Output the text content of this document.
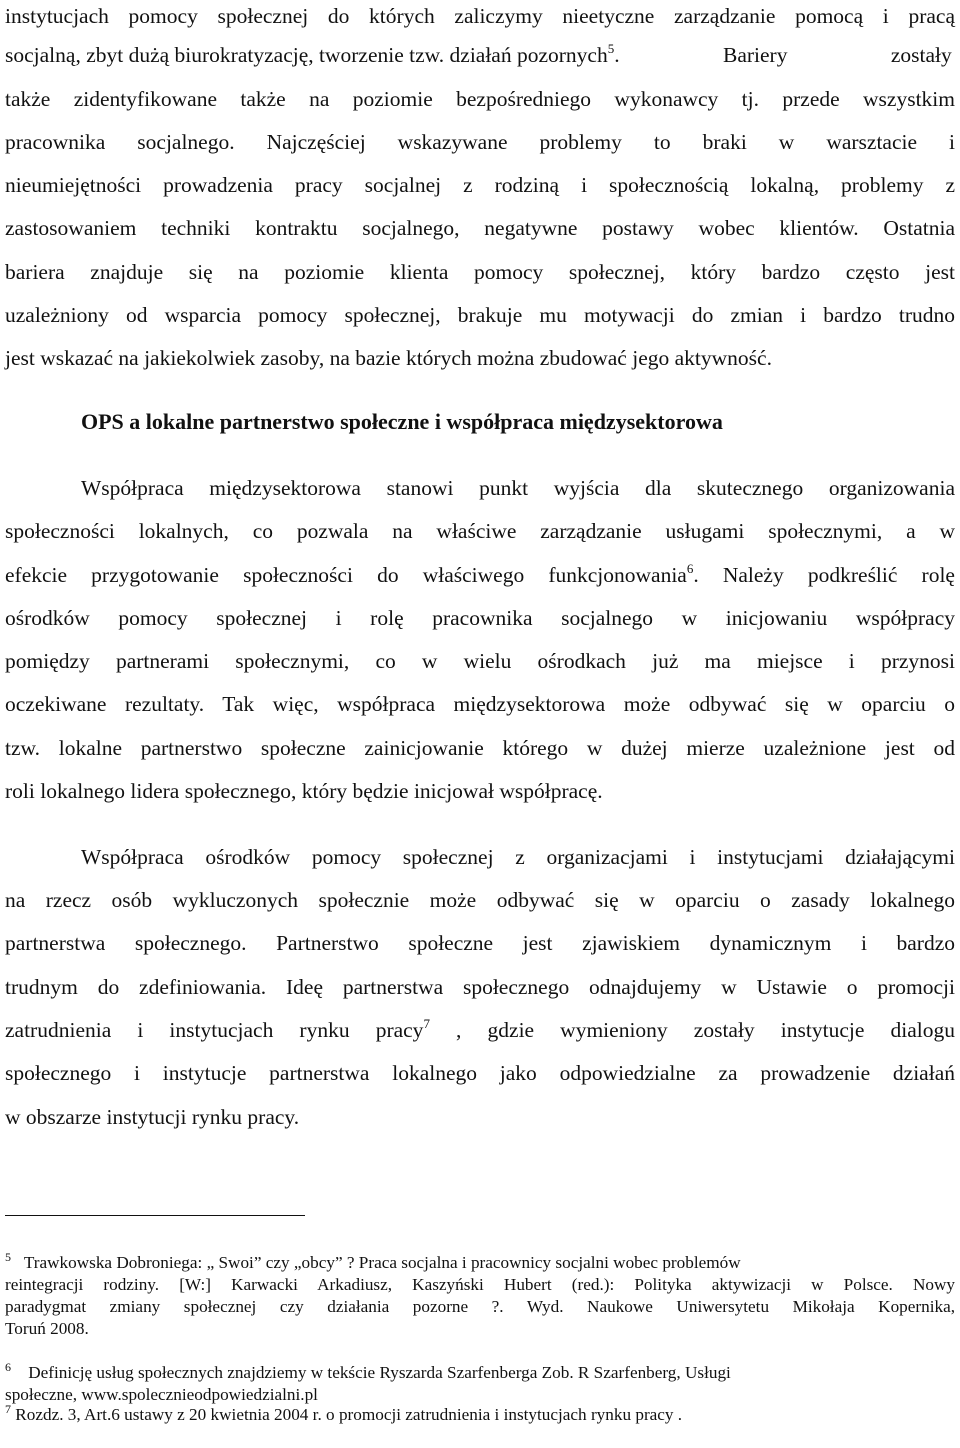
instytucjach pomocy społecznej do których zaliczymy nieetyczne zarządzanie pomocą i pracą
socjalną, zbyt dużą biurokratyzację, tworzenie tzw. działań pozornych$^5$. Bariery zostały
także zidentyfikowane także na poziomie bezpośredniego wykonawcy tj. przede wszystkim
pracownika socjalnego. Najczęściej wskazywane problemy to braki w warsztacie i
nieumiejętności prowadzenia pracy socjalnej z rodziną i społecznością lokalną, problemy z
zastosowaniem techniki kontraktu socjalnego, negatywne postawy wobec klientów. Ostatnia
bariera znajduje się na poziomie klienta pomocy społecznej, który bardzo często jest
uzależniony od wsparcia pomocy społecznej, brakuje mu motywacji do zmian i bardzo trudno
jest wskazać na jakiekolwiek zasoby, na bazie których można zbudować jego aktywność.
OPS a lokalne partnerstwo społeczne i współpraca międzysektorowa
Współpraca międzysektorowa stanowi punkt wyjścia dla skutecznego organizowania
społeczności lokalnych, co pozwala na właściwe zarządzanie usługami społecznymi, a w
efekcie przygotowanie społeczności do właściwego funkcjonowania$^6$. Należy podkreślić rolę
ośrodków pomocy społecznej i rolę pracownika socjalnego w inicjowaniu współpracy
pomiędzy partnerami społecznymi, co w wielu ośrodkach już ma miejsce i przynosi
oczekiwane rezultaty. Tak więc, współpraca międzysektorowa może odbywać się w oparciu o
tzw. lokalne partnerstwo społeczne zainicjowanie którego w dużej mierze uzależnione jest od
roli lokalnego lidera społecznego, który będzie inicjował współpracę.
Współpraca ośrodków pomocy społecznej z organizacjami i instytucjami działającymi
na rzecz osób wykluczonych społecznie może odbywać się w oparciu o zasady lokalnego
partnerstwa społecznego. Partnerstwo społeczne jest zjawiskiem dynamicznym i bardzo
trudnym do zdefiniowania. Ideę partnerstwa społecznego odnajdujemy w Ustawie o promocji
zatrudnienia i instytucjach rynku pracy$^7$ , gdzie wymieniony zostały instytucje dialogu
społecznego i instytucje partnerstwa lokalnego jako odpowiedzialne za prowadzenie działań
w obszarze instytucji rynku pracy.
$^5$ Trawkowska Dobroniega: „ Swoi” czy „obcy” ? Praca socjalna i pracownicy socjalni wobec problemów
reintegracji rodziny. [W:] Karwacki Arkadiusz, Kaszyński Hubert (red.): Polityka aktywizacji w Polsce. Nowy
paradygmat zmiany społecznej czy działania pozorne ?. Wyd. Naukowe Uniwersytetu Mikołaja Kopernika,
Toruń 2008.
$^6$ Definicję usług społecznych znajdziemy w tekście Ryszarda Szarfenberga Zob. R Szarfenberg, Usługi
społeczne, www.spolecznieodpowiedzialni.pl
$^7$ Rozdz. 3, Art.6 ustawy z 20 kwietnia 2004 r. o promocji zatrudnienia i instytucjach rynku pracy .
